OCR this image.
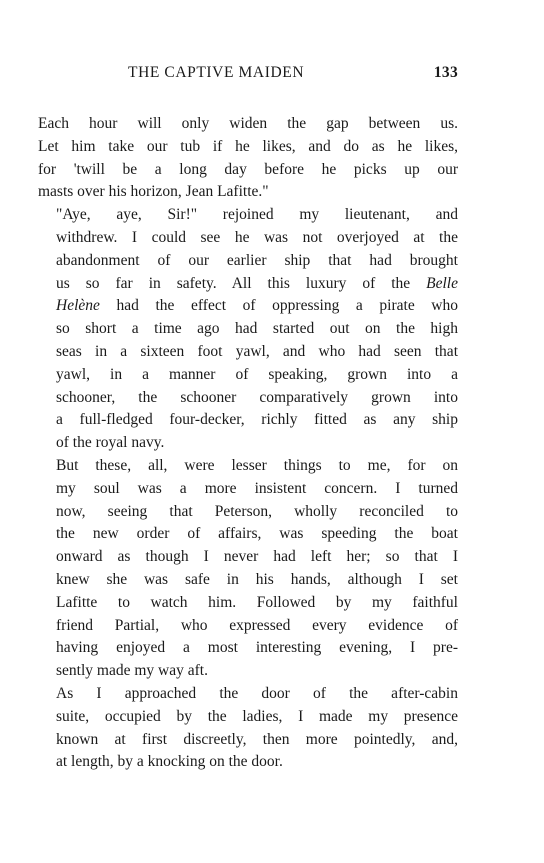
THE CAPTIVE MAIDEN	133

Each hour will only widen the gap between us.
Let him take our tub if he likes, and do as he likes,
for 'twill be a long day before he picks up our
masts over his horizon, Jean Lafitte."

"Aye, aye, Sir!" rejoined my lieutenant, and
withdrew. I could see he was not overjoyed at the
abandonment of our earlier ship that had brought
us so far in safety. All this luxury of the Belle
Helène had the effect of oppressing a pirate who
so short a time ago had started out on the high
seas in a sixteen foot yawl, and who had seen that
yawl, in a manner of speaking, grown into a
schooner, the schooner comparatively grown into
a full-fledged four-decker, richly fitted as any ship
of the royal navy.

But these, all, were lesser things to me, for on
my soul was a more insistent concern. I turned
now, seeing that Peterson, wholly reconciled to
the new order of affairs, was speeding the boat
onward as though I never had left her; so that I
knew she was safe in his hands, although I set
Lafitte to watch him. Followed by my faithful
friend Partial, who expressed every evidence of
having enjoyed a most interesting evening, I pre-
sently made my way aft.

As I approached the door of the after-cabin
suite, occupied by the ladies, I made my presence
known at first discreetly, then more pointedly, and,
at length, by a knocking on the door.
